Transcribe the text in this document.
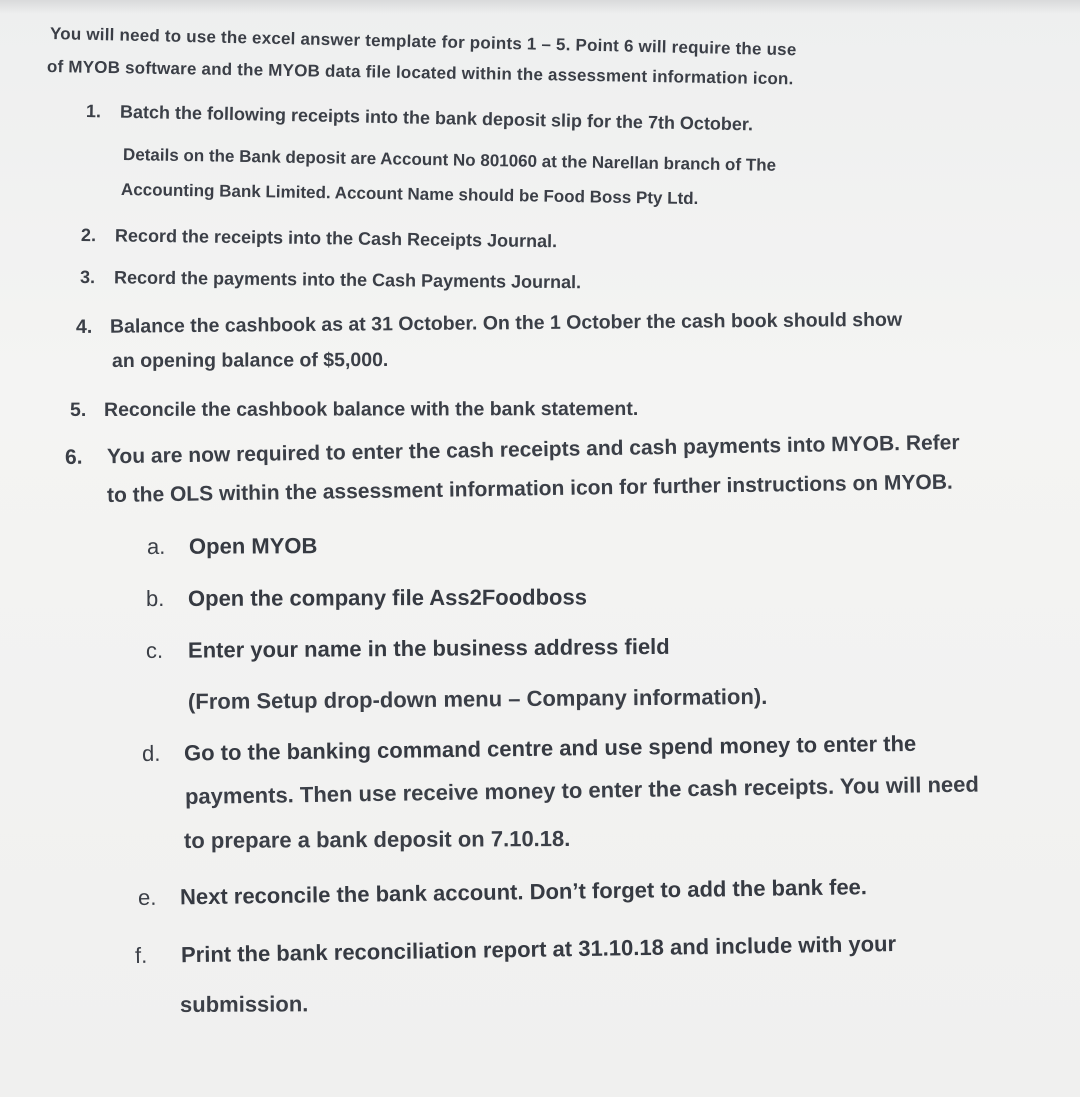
You will need to use the excel answer template for points 1 – 5. Point 6 will require the use
of MYOB software and the MYOB data file located within the assessment information icon.
1. Batch the following receipts into the bank deposit slip for the 7th October.
Details on the Bank deposit are Account No 801060 at the Narellan branch of The
Accounting Bank Limited. Account Name should be Food Boss Pty Ltd.
2. Record the receipts into the Cash Receipts Journal.
3. Record the payments into the Cash Payments Journal.
4. Balance the cashbook as at 31 October. On the 1 October the cash book should show
an opening balance of $5,000.
5. Reconcile the cashbook balance with the bank statement.
6. You are now required to enter the cash receipts and cash payments into MYOB. Refer
to the OLS within the assessment information icon for further instructions on MYOB.
a. Open MYOB
b. Open the company file Ass2Foodboss
c. Enter your name in the business address field
(From Setup drop-down menu – Company information).
d. Go to the banking command centre and use spend money to enter the
payments. Then use receive money to enter the cash receipts. You will need
to prepare a bank deposit on 7.10.18.
e. Next reconcile the bank account. Don’t forget to add the bank fee.
f. Print the bank reconciliation report at 31.10.18 and include with your
submission.
